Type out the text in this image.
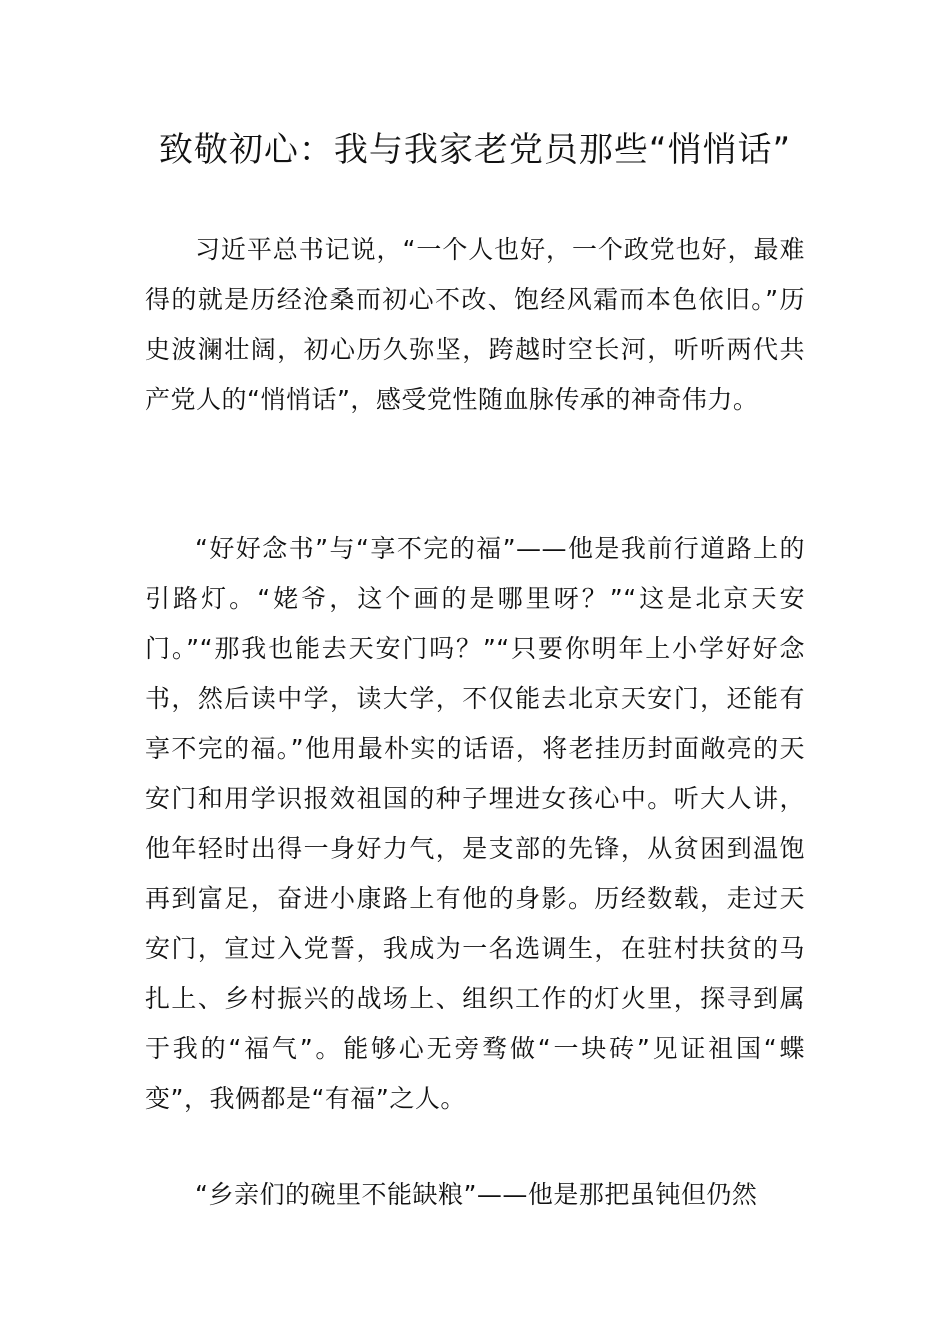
致敬初心：我与我家老党员那些“悄悄话”

习近平总书记说，“一个人也好，一个政党也好，最难得的就是历经沧桑而初心不改、饱经风霜而本色依旧。”历史波澜壮阔，初心历久弥坚，跨越时空长河，听听两代共产党人的“悄悄话”，感受党性随血脉传承的神奇伟力。

“好好念书”与“享不完的福”——他是我前行道路上的引路灯。“姥爷，这个画的是哪里呀？”“这是北京天安门。”“那我也能去天安门吗？”“只要你明年上小学好好念书，然后读中学，读大学，不仅能去北京天安门，还能有享不完的福。”他用最朴实的话语，将老挂历封面敞亮的天安门和用学识报效祖国的种子埋进女孩心中。听大人讲，他年轻时出得一身好力气，是支部的先锋，从贫困到温饱再到富足，奋进小康路上有他的身影。历经数载，走过天安门，宣过入党誓，我成为一名选调生，在驻村扶贫的马扎上、乡村振兴的战场上、组织工作的灯火里，探寻到属于我的“福气”。能够心无旁骛做“一块砖”见证祖国“蝶变”，我俩都是“有福”之人。

“乡亲们的碗里不能缺粮”——他是那把虽钝但仍然
